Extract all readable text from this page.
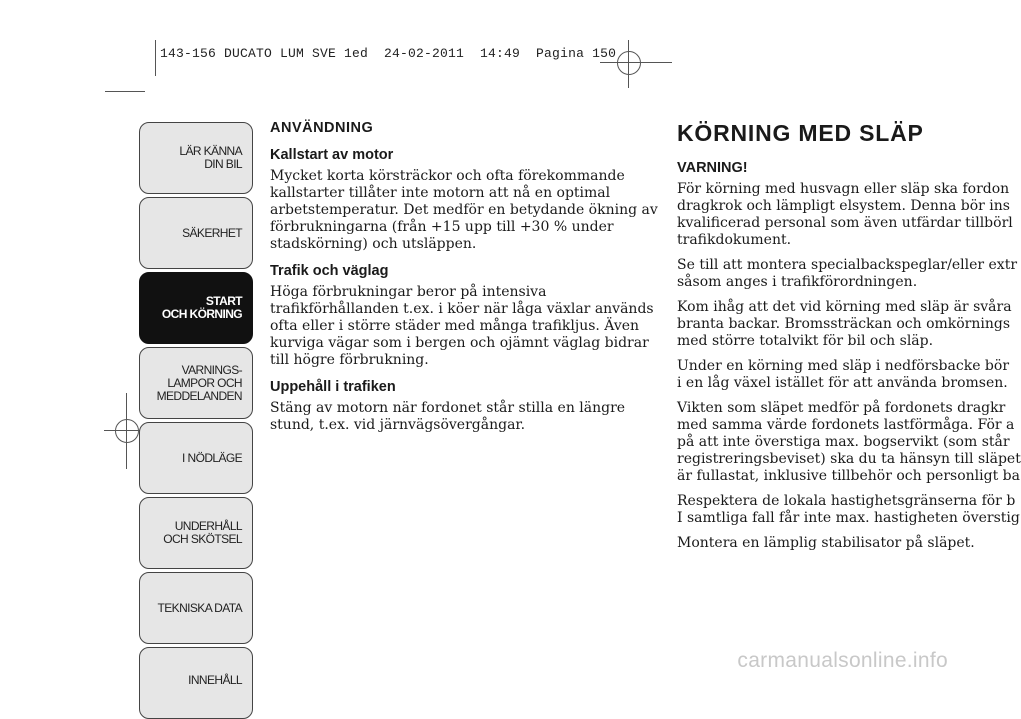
143-156 DUCATO LUM SVE 1ed  24-02-2011  14:49  Pagina 150
LÄR KÄNNA
DIN BIL
SÄKERHET
START
OCH KÖRNING
VARNINGS-
LAMPOR OCH
MEDDELANDEN
I NÖDLÄGE
UNDERHÅLL
OCH SKÖTSEL
TEKNISKA DATA
INNEHÅLL
ANVÄNDNING
Kallstart av motor

Mycket korta körsträckor och ofta förekommande kallstarter tillåter inte motorn att nå en optimal arbetstemperatur. Det medför en betydande ökning av förbrukningarna (från +15 upp till +30 % under stadskörning) och utsläppen.

Trafik och väglag

Höga förbrukningar beror på intensiva trafikförhållanden t.ex. i köer när låga växlar används ofta eller i större städer med många trafikljus. Även kurviga vägar som i bergen och ojämnt väglag bidrar till högre förbrukning.

Uppehåll i trafiken

Stäng av motorn när fordonet står stilla en längre stund, t.ex. vid järnvägsövergångar.

KÖRNING MED SLÄP
VARNING!

För körning med husvagn eller släp ska fordon
dragkrok och lämpligt elsystem. Denna bör ins
kvalificerad personal som även utfärdar tillbörl
trafikdokument.

Se till att montera specialbackspeglar/eller extr
såsom anges i trafikförordningen.

Kom ihåg att det vid körning med släp är svåra
branta backar. Bromssträckan och omkörnings
med större totalvikt för bil och släp.

Under en körning med släp i nedförsbacke bör
i en låg växel istället för att använda bromsen.

Vikten som släpet medför på fordonets dragkr
med samma värde fordonets lastförmåga. För a
på att inte överstiga max. bogservikt (som står
registreringsbeviset) ska du ta hänsyn till släpet
är fullastat, inklusive tillbehör och personligt ba

Respektera de lokala hastighetsgränserna för b
I samtliga fall får inte max. hastigheten överstig

Montera en lämplig stabilisator på släpet.

carmanualsonline.info
